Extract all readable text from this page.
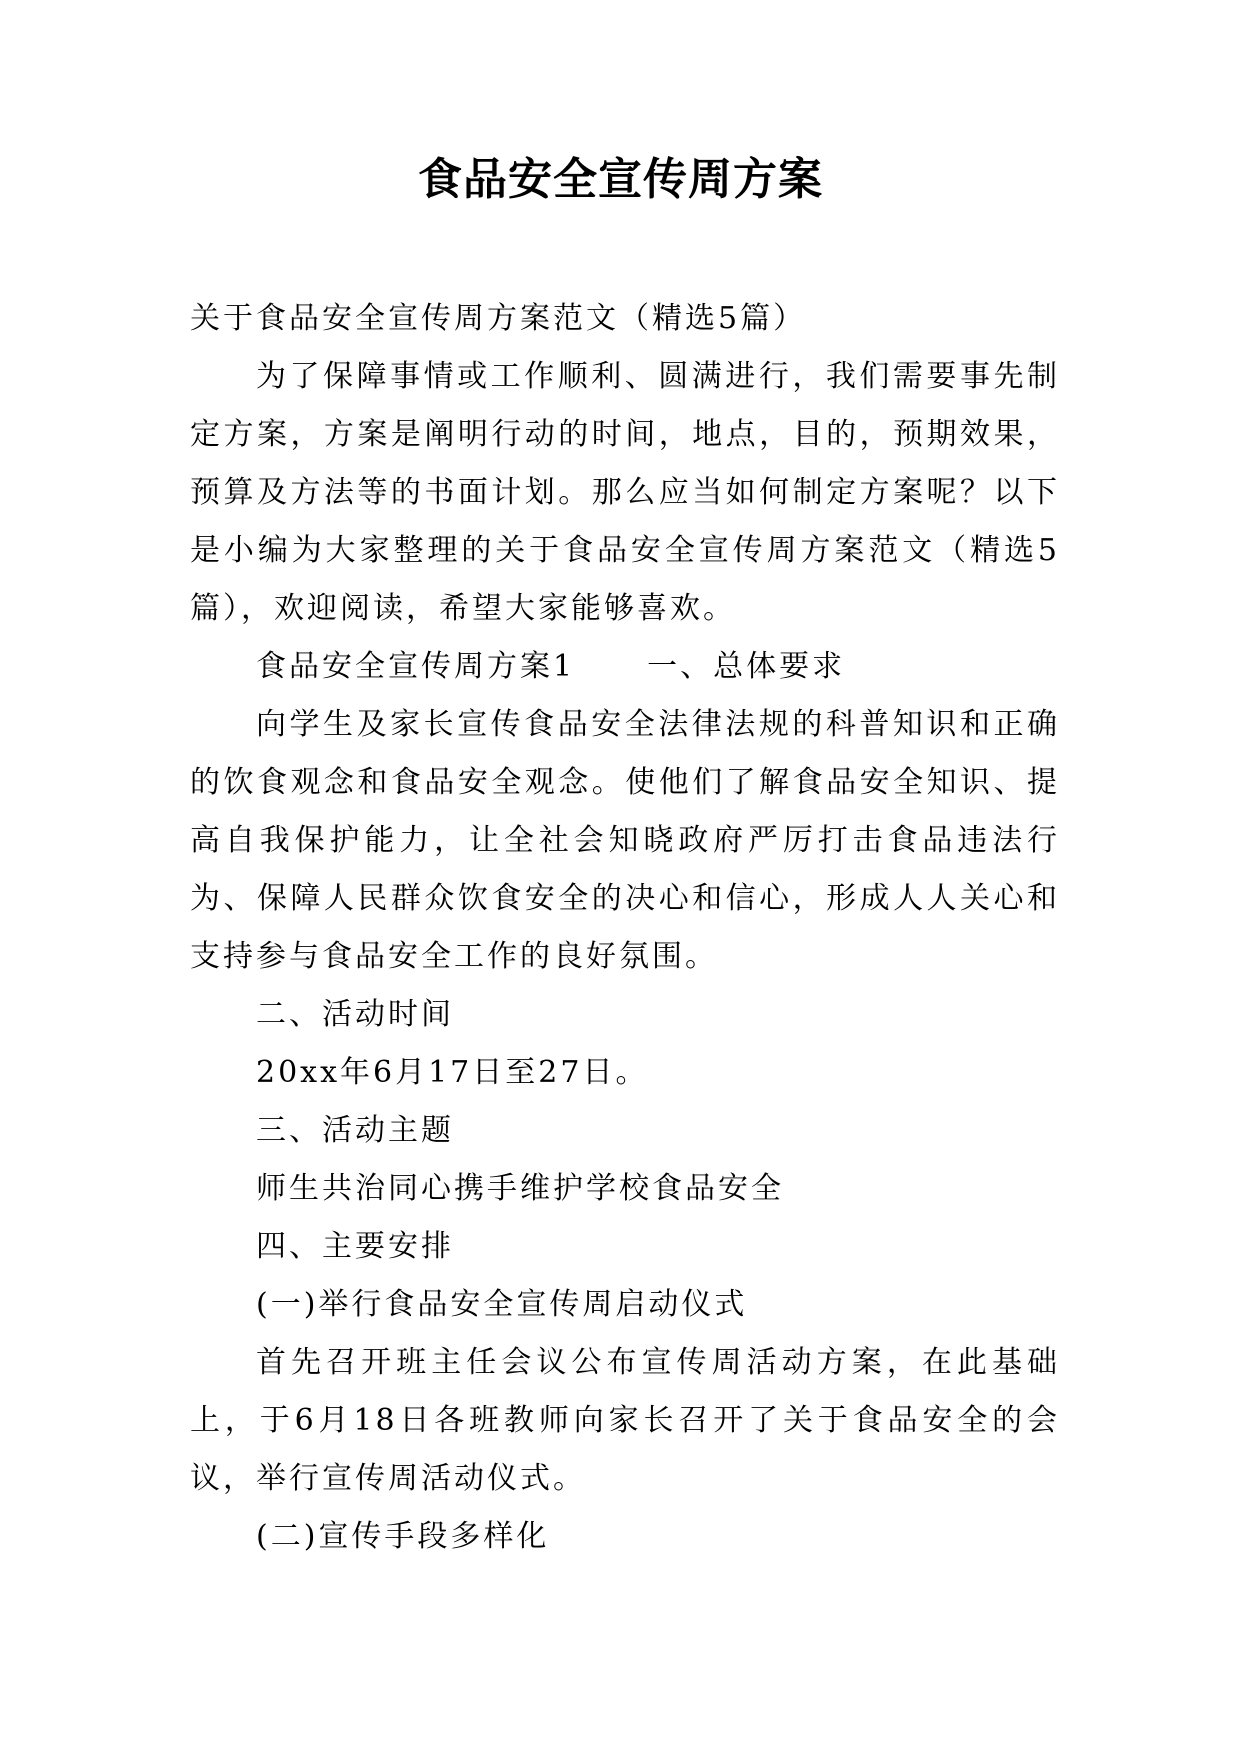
食品安全宣传周方案

关于食品安全宣传周方案范文（精选5篇）

为了保障事情或工作顺利、圆满进行，我们需要事先制定方案，方案是阐明行动的时间，地点，目的，预期效果，预算及方法等的书面计划。那么应当如何制定方案呢？以下是小编为大家整理的关于食品安全宣传周方案范文（精选5篇），欢迎阅读，希望大家能够喜欢。

食品安全宣传周方案1 一、总体要求

向学生及家长宣传食品安全法律法规的科普知识和正确的饮食观念和食品安全观念。使他们了解食品安全知识、提高自我保护能力，让全社会知晓政府严厉打击食品违法行为、保障人民群众饮食安全的决心和信心，形成人人关心和支持参与食品安全工作的良好氛围。

二、活动时间

20xx年6月17日至27日。

三、活动主题

师生共治同心携手维护学校食品安全

四、主要安排

(一)举行食品安全宣传周启动仪式

首先召开班主任会议公布宣传周活动方案，在此基础上，于6月18日各班教师向家长召开了关于食品安全的会议，举行宣传周活动仪式。

(二)宣传手段多样化
